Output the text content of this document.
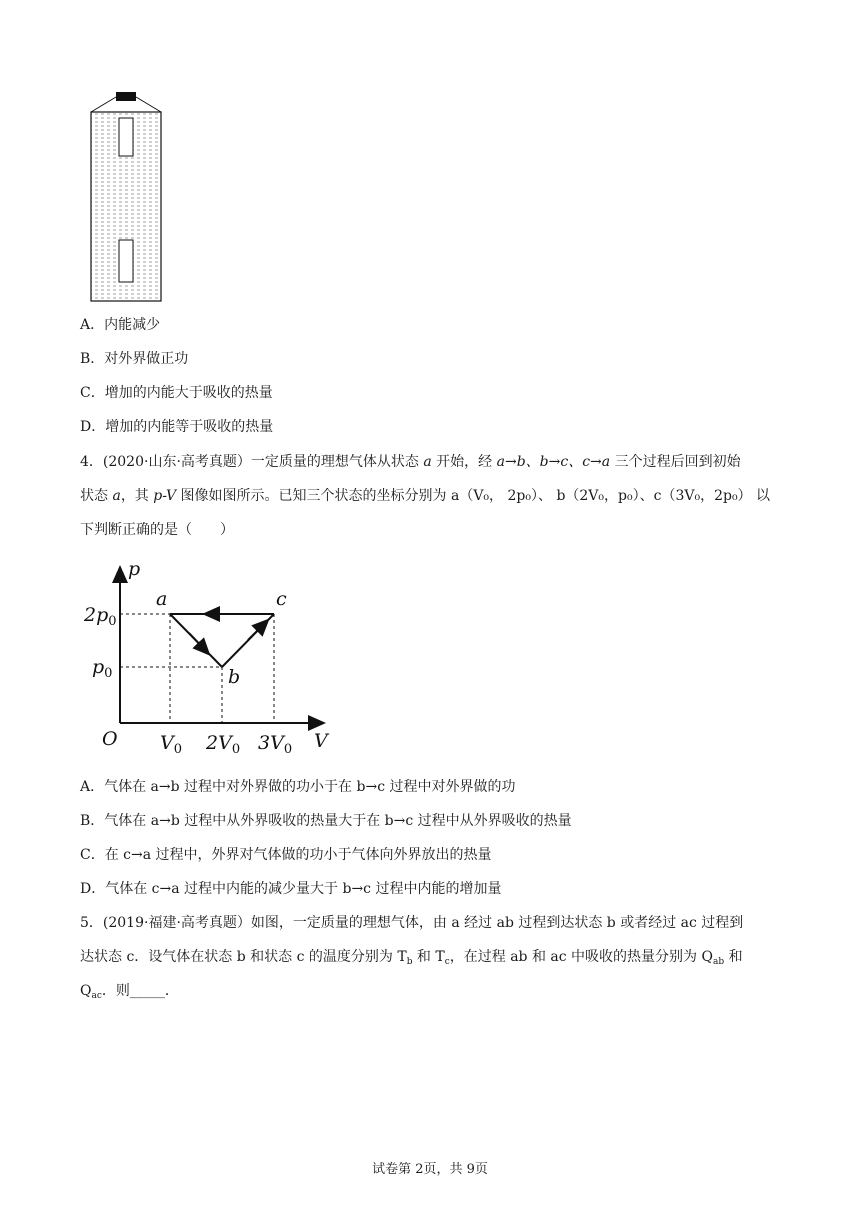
A．内能减少
B．对外界做正功
C．增加的内能大于吸收的热量
D．增加的内能等于吸收的热量
4．(2020·山东·高考真题）一定质量的理想气体从状态 a 开始，经 a→b、b→c、c→a 三个过程后回到初始
状态 a，其 p-V 图像如图所示。已知三个状态的坐标分别为 a（V₀， 2p₀）、 b（2V₀，p₀）、c（3V₀，2p₀） 以
下判断正确的是（　　）
p
V
O
$2p_0$
$p_0$
$V_0$ $2V_0$ $3V_0$
a
b
c
A．气体在 a→b 过程中对外界做的功小于在 b→c 过程中对外界做的功
B．气体在 a→b 过程中从外界吸收的热量大于在 b→c 过程中从外界吸收的热量
C．在 c→a 过程中，外界对气体做的功小于气体向外界放出的热量
D．气体在 c→a 过程中内能的减少量大于 b→c 过程中内能的增加量
5．(2019·福建·高考真题）如图，一定质量的理想气体，由 a 经过 ab 过程到达状态 b 或者经过 ac 过程到
达状态 c．设气体在状态 b 和状态 c 的温度分别为 $T_b$ 和 $T_c$，在过程 ab 和 ac 中吸收的热量分别为 $Q_{ab}$ 和
$Q_{ac}$．则_____．
试卷第 2页，共 9页
